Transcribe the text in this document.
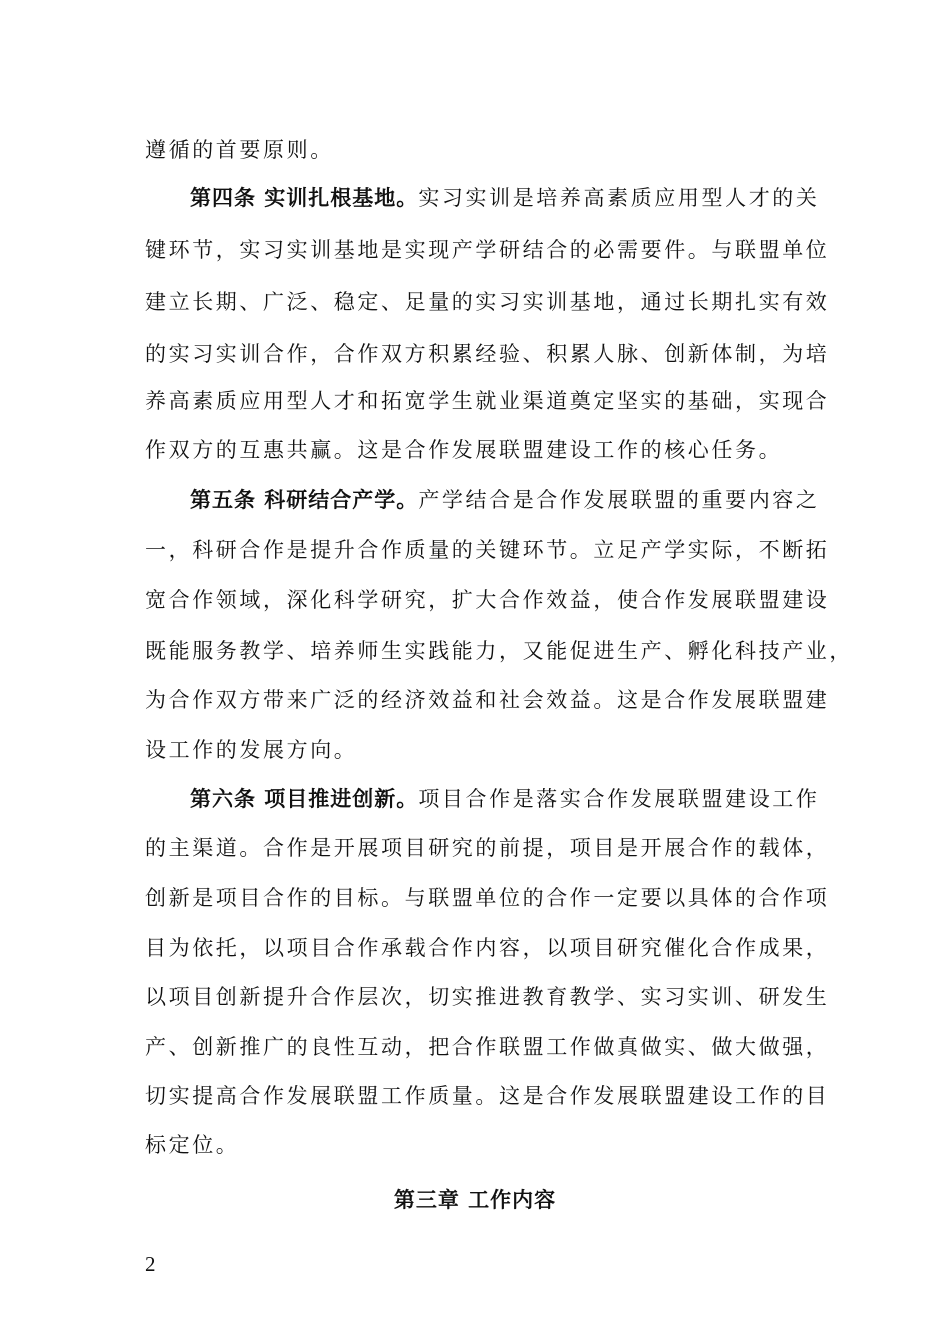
遵循的首要原则。
第四条 实训扎根基地。实习实训是培养高素质应用型人才的关
键环节，实习实训基地是实现产学研结合的必需要件。与联盟单位
建立长期、广泛、稳定、足量的实习实训基地，通过长期扎实有效
的实习实训合作，合作双方积累经验、积累人脉、创新体制，为培
养高素质应用型人才和拓宽学生就业渠道奠定坚实的基础，实现合
作双方的互惠共赢。这是合作发展联盟建设工作的核心任务。
第五条 科研结合产学。产学结合是合作发展联盟的重要内容之
一，科研合作是提升合作质量的关键环节。立足产学实际，不断拓
宽合作领域，深化科学研究，扩大合作效益，使合作发展联盟建设
既能服务教学、培养师生实践能力，又能促进生产、孵化科技产业，
为合作双方带来广泛的经济效益和社会效益。这是合作发展联盟建
设工作的发展方向。
第六条 项目推进创新。项目合作是落实合作发展联盟建设工作
的主渠道。合作是开展项目研究的前提，项目是开展合作的载体，
创新是项目合作的目标。与联盟单位的合作一定要以具体的合作项
目为依托，以项目合作承载合作内容，以项目研究催化合作成果，
以项目创新提升合作层次，切实推进教育教学、实习实训、研发生
产、创新推广的良性互动，把合作联盟工作做真做实、做大做强，
切实提高合作发展联盟工作质量。这是合作发展联盟建设工作的目
标定位。
第三章 工作内容
2
